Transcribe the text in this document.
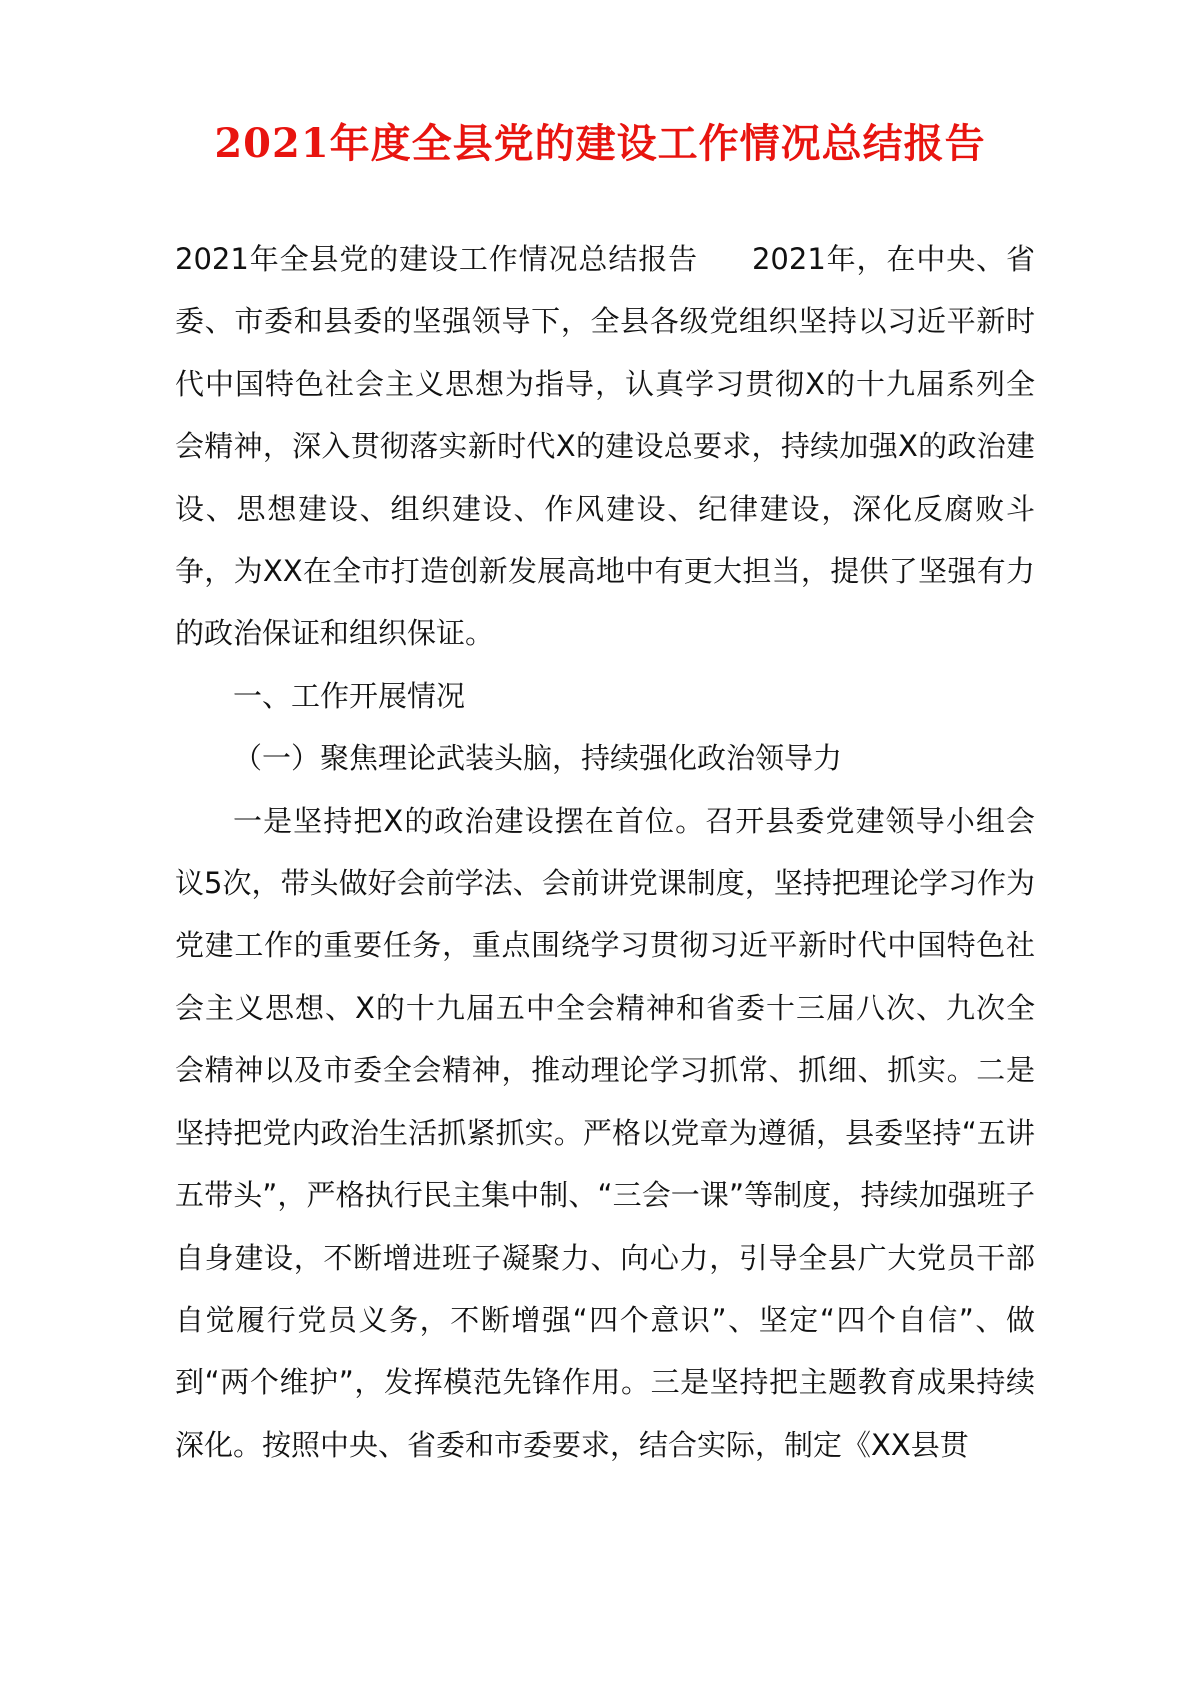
2021年度全县党的建设工作情况总结报告

2021年全县党的建设工作情况总结报告 2021年，在中央、省委、市委和县委的坚强领导下，全县各级党组织坚持以习近平新时代中国特色社会主义思想为指导，认真学习贯彻X的十九届系列全会精神，深入贯彻落实新时代X的建设总要求，持续加强X的政治建设、思想建设、组织建设、作风建设、纪律建设，深化反腐败斗争，为XX在全市打造创新发展高地中有更大担当，提供了坚强有力的政治保证和组织保证。

一、工作开展情况

（一）聚焦理论武装头脑，持续强化政治领导力

一是坚持把X的政治建设摆在首位。召开县委党建领导小组会议5次，带头做好会前学法、会前讲党课制度，坚持把理论学习作为党建工作的重要任务，重点围绕学习贯彻习近平新时代中国特色社会主义思想、X的十九届五中全会精神和省委十三届八次、九次全会精神以及市委全会精神，推动理论学习抓常、抓细、抓实。二是坚持把党内政治生活抓紧抓实。严格以党章为遵循，县委坚持“五讲五带头”，严格执行民主集中制、“三会一课”等制度，持续加强班子自身建设，不断增进班子凝聚力、向心力，引导全县广大党员干部自觉履行党员义务，不断增强“四个意识”、坚定“四个自信”、做到“两个维护”，发挥模范先锋作用。三是坚持把主题教育成果持续深化。按照中央、省委和市委要求，结合实际，制定《XX县贯
